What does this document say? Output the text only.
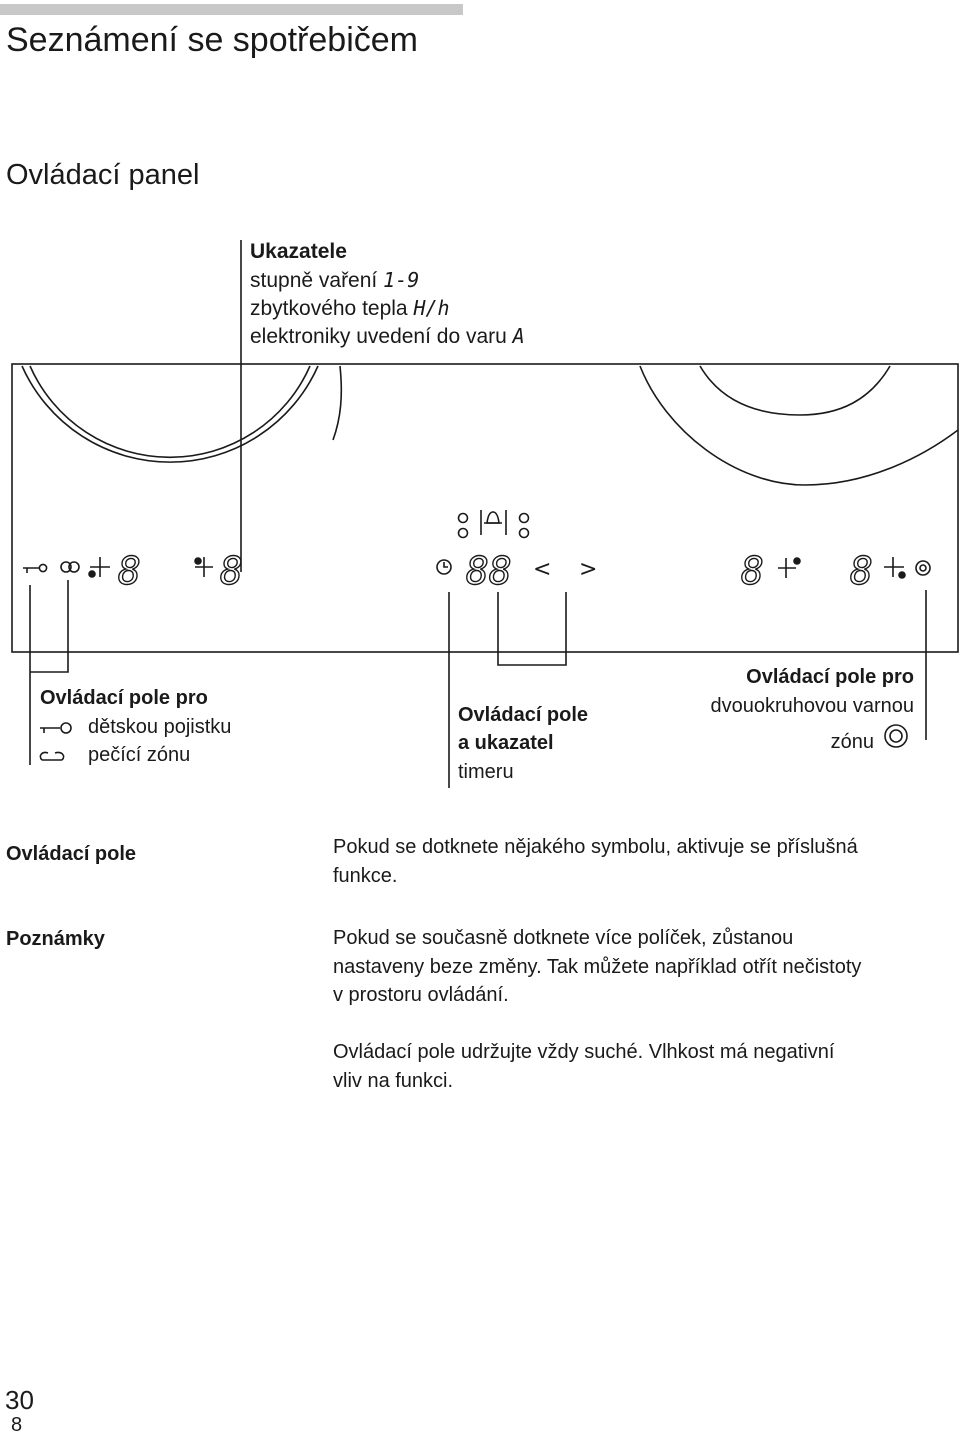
Seznámení se spotřebičem
Ovládací panel
Ukazatele
stupně vaření 1-9
zbytkového tepla H/h
elektroniky uvedení do varu A
8 8	88	8 8
< >
Ovládací pole pro
dětskou pojistku
pečící zónu
Ovládací pole
a ukazatel
timeru
Ovládací pole pro
dvouokruhovou varnou
zónu
Ovládací pole	Pokud se dotknete nějakého symbolu, aktivuje se příslušná
funkce.
Poznámky	Pokud se současně dotknete více políček, zůstanou
nastaveny beze změny. Tak můžete například otřít nečistoty
v prostoru ovládání.
Ovládací pole udržujte vždy suché. Vlhkost má negativní
vliv na funkci.
30
8
